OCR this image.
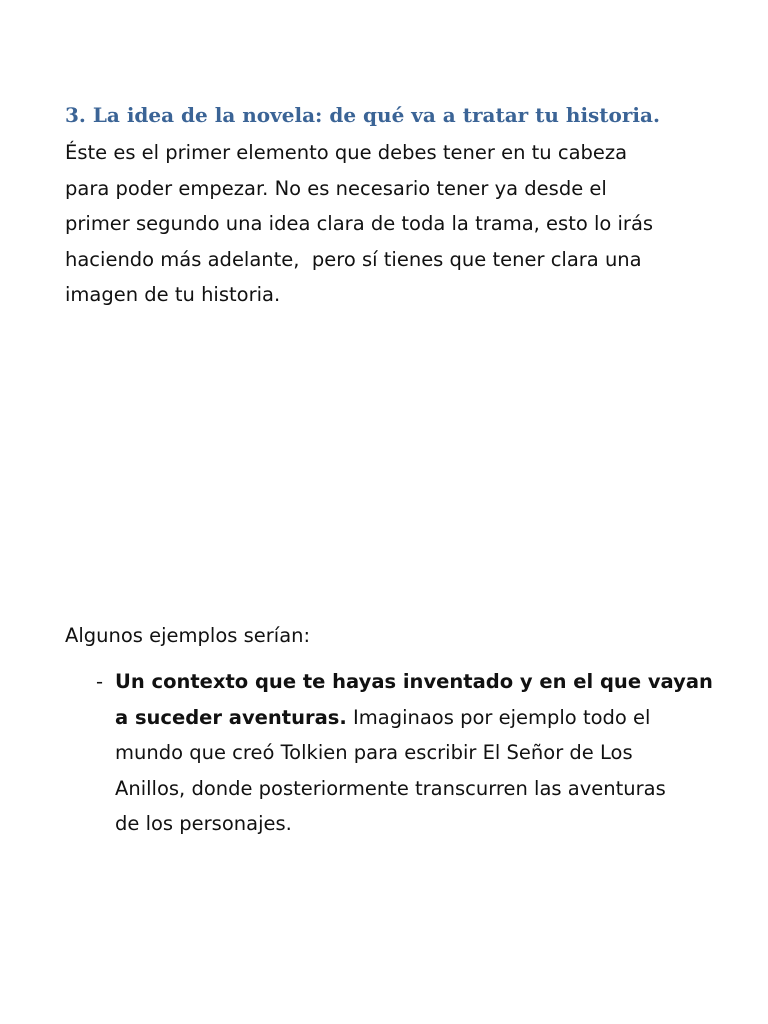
3. La idea de la novela: de qué va a tratar tu historia.

Éste es el primer elemento que debes tener en tu cabeza
para poder empezar. No es necesario tener ya desde el
primer segundo una idea clara de toda la trama, esto lo irás
haciendo más adelante,  pero sí tienes que tener clara una
imagen de tu historia.

Algunos ejemplos serían:

- Un contexto que te hayas inventado y en el que vayan
a suceder aventuras. Imaginaos por ejemplo todo el
mundo que creó Tolkien para escribir El Señor de Los
Anillos, donde posteriormente transcurren las aventuras
de los personajes.
